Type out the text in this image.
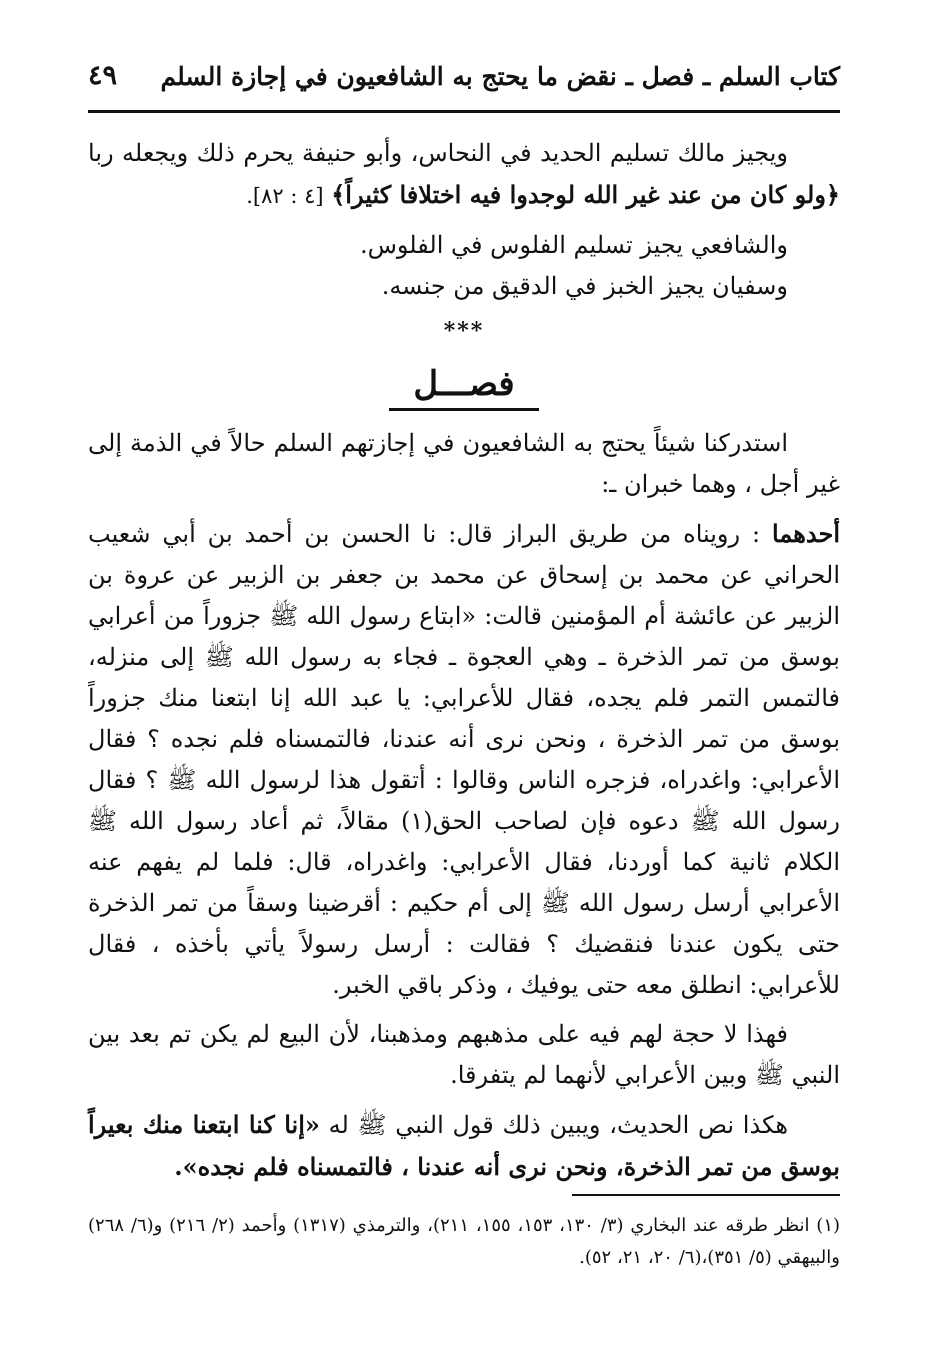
كتاب السلم ـ فصل ـ نقض ما يحتج به الشافعيون في إجازة السلم
٤٩

ويجيز مالك تسليم الحديد في النحاس، وأبو حنيفة يحرم ذلك ويجعله ربا ﴿ولو كان من عند غير الله لوجدوا فيه اختلافا كثيراً﴾ [٤ : ٨٢].

والشافعي يجيز تسليم الفلوس في الفلوس.

وسفيان يجيز الخبز في الدقيق من جنسه.

***
فصـــل

استدركنا شيئاً يحتج به الشافعيون في إجازتهم السلم حالاً في الذمة إلى غير أجل ، وهما خبران ـ:

أحدهما : رويناه من طريق البراز قال: نا الحسن بن أحمد بن أبي شعيب الحراني عن محمد بن إسحاق عن محمد بن جعفر بن الزبير عن عروة بن الزبير عن عائشة أم المؤمنين قالت: «ابتاع رسول الله ﷺ جزوراً من أعرابي بوسق من تمر الذخرة ـ وهي العجوة ـ فجاء به رسول الله ﷺ إلى منزله، فالتمس التمر فلم يجده، فقال للأعرابي: يا عبد الله إنا ابتعنا منك جزوراً بوسق من تمر الذخرة ، ونحن نرى أنه عندنا، فالتمسناه فلم نجده ؟ فقال الأعرابي: واغدراه، فزجره الناس وقالوا : أتقول هذا لرسول الله ﷺ ؟ فقال رسول الله ﷺ دعوه فإن لصاحب الحق(١) مقالاً، ثم أعاد رسول الله ﷺ الكلام ثانية كما أوردنا، فقال الأعرابي: واغدراه، قال: فلما لم يفهم عنه الأعرابي أرسل رسول الله ﷺ إلى أم حكيم : أقرضينا وسقاً من تمر الذخرة حتى يكون عندنا فنقضيك ؟ فقالت : أرسل رسولاً يأتي بأخذه ، فقال للأعرابي: انطلق معه حتى يوفيك ، وذكر باقي الخبر.

فهذا لا حجة لهم فيه على مذهبهم ومذهبنا، لأن البيع لم يكن تم بعد بين النبي ﷺ وبين الأعرابي لأنهما لم يتفرقا.

هكذا نص الحديث، ويبين ذلك قول النبي ﷺ له «إنا كنا ابتعنا منك بعيراً بوسق من تمر الذخرة، ونحن نرى أنه عندنا ، فالتمسناه فلم نجده».

(١) انظر طرقه عند البخاري (٣/ ١٣٠، ١٥٣، ١٥٥، ٢١١)، والترمذي (١٣١٧) وأحمد (٢/ ٢١٦) و(٦/ ٢٦٨) والبيهقي (٥/ ٣٥١)،(٦/ ٢٠، ٢١، ٥٢).
